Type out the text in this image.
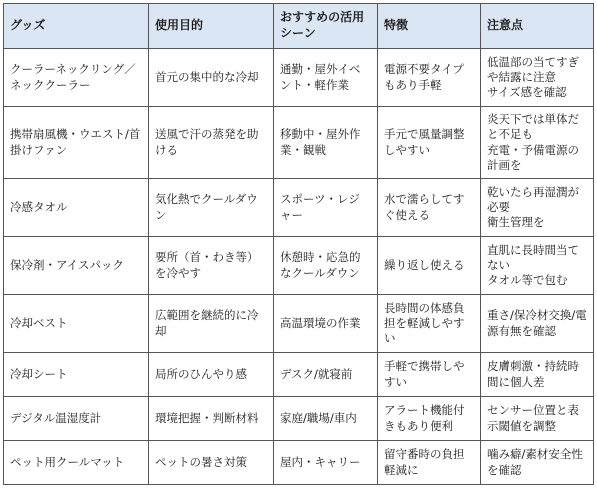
グッズ	使用目的	おすすめの活用シーン	特徴	注意点
クーラーネックリング／ネッククーラー	首元の集中的な冷却	通勤・屋外イベント・軽作業	電源不要タイプもあり手軽	低温部の当てすぎや結露に注意
サイズ感を確認
携帯扇風機・ウエスト/首掛けファン	送風で汗の蒸発を助ける	移動中・屋外作業・観戦	手元で風量調整しやすい	炎天下では単体だと不足も
充電・予備電源の計画を
冷感タオル	気化熱でクールダウン	スポーツ・レジャー	水で濡らしてすぐ使える	乾いたら再湿潤が必要
衛生管理を
保冷剤・アイスパック	要所（首・わき等）を冷やす	休憩時・応急的なクールダウン	繰り返し使える	直肌に長時間当てない
タオル等で包む
冷却ベスト	広範囲を継続的に冷却	高温環境の作業	長時間の体感負担を軽減しやすい	重さ/保冷材交換/電源有無を確認
冷却シート	局所のひんやり感	デスク/就寝前	手軽で携帯しやすい	皮膚刺激・持続時間に個人差
デジタル温湿度計	環境把握・判断材料	家庭/職場/車内	アラート機能付きもあり便利	センサー位置と表示閾値を調整
ペット用クールマット	ペットの暑さ対策	屋内・キャリー	留守番時の負担軽減に	噛み癖/素材安全性を確認
